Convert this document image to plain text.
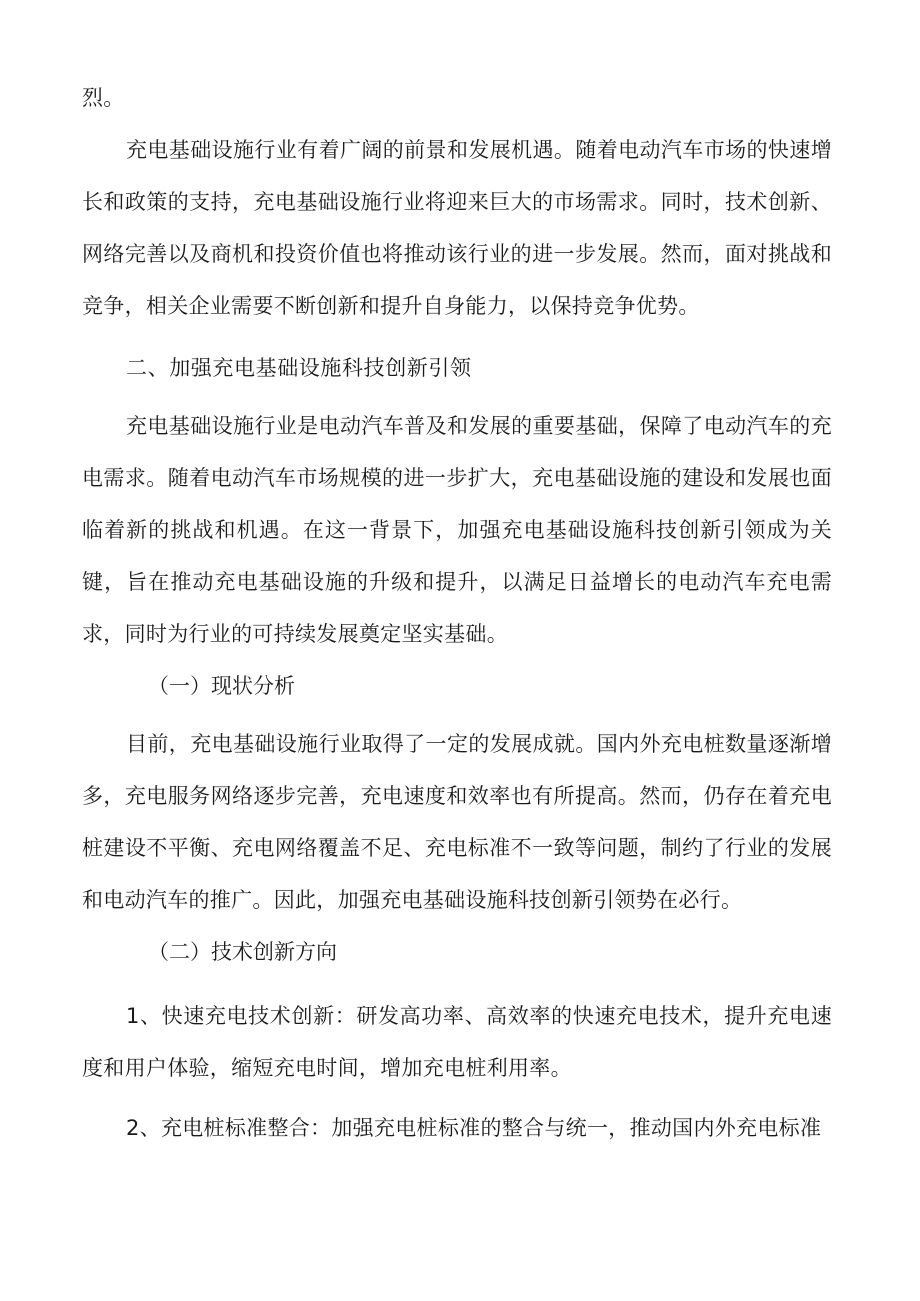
烈。

充电基础设施行业有着广阔的前景和发展机遇。随着电动汽车市场的快速增长和政策的支持，充电基础设施行业将迎来巨大的市场需求。同时，技术创新、网络完善以及商机和投资价值也将推动该行业的进一步发展。然而，面对挑战和竞争，相关企业需要不断创新和提升自身能力，以保持竞争优势。

二、加强充电基础设施科技创新引领

充电基础设施行业是电动汽车普及和发展的重要基础，保障了电动汽车的充电需求。随着电动汽车市场规模的进一步扩大，充电基础设施的建设和发展也面临着新的挑战和机遇。在这一背景下，加强充电基础设施科技创新引领成为关键，旨在推动充电基础设施的升级和提升，以满足日益增长的电动汽车充电需求，同时为行业的可持续发展奠定坚实基础。

（一）现状分析

目前，充电基础设施行业取得了一定的发展成就。国内外充电桩数量逐渐增多，充电服务网络逐步完善，充电速度和效率也有所提高。然而，仍存在着充电桩建设不平衡、充电网络覆盖不足、充电标准不一致等问题，制约了行业的发展和电动汽车的推广。因此，加强充电基础设施科技创新引领势在必行。

（二）技术创新方向

1、快速充电技术创新：研发高功率、高效率的快速充电技术，提升充电速度和用户体验，缩短充电时间，增加充电桩利用率。

2、充电桩标准整合：加强充电桩标准的整合与统一，推动国内外充电标准
